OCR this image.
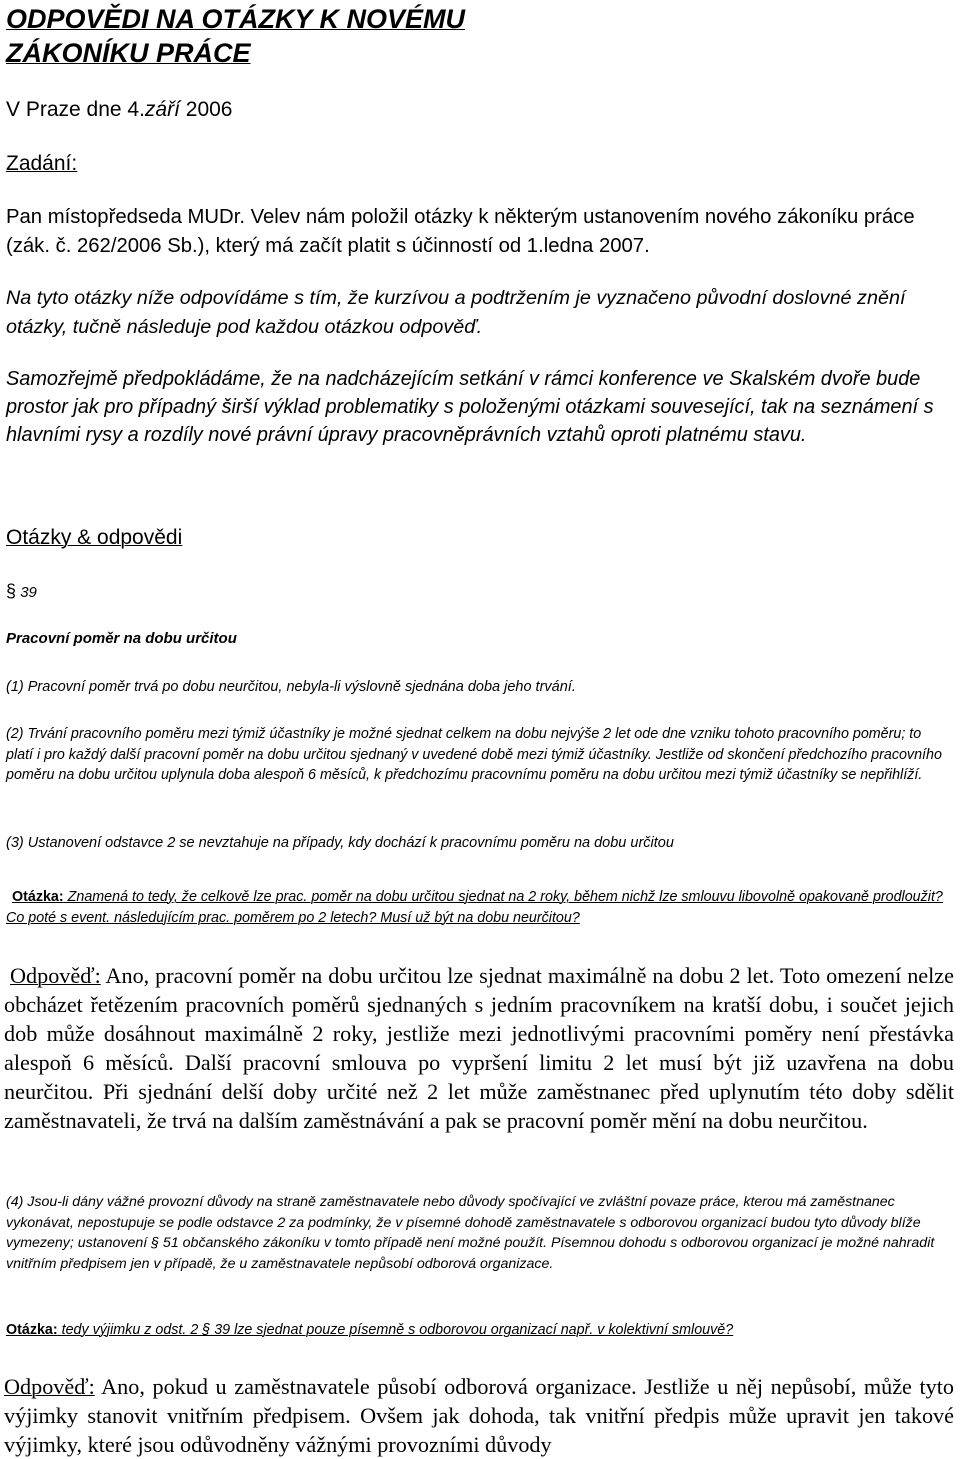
ODPOVĚDI NA OTÁZKY K NOVÉMU ZÁKONÍKU PRÁCE

V Praze dne 4.září 2006

Zadání:

Pan místopředseda MUDr. Velev nám položil otázky k některým ustanovením nového zákoníku práce (zák. č. 262/2006 Sb.), který má začít platit s účinností od 1.ledna 2007.

Na tyto otázky níže odpovídáme s tím, že kurzívou a podtržením je vyznačeno původní doslovné znění otázky, tučně následuje pod každou otázkou odpověď.

Samozřejmě předpokládáme, že na nadcházejícím setkání v rámci konference ve Skalském dvoře bude prostor jak pro případný širší výklad problematiky s položenými otázkami souvesející, tak na seznámení s hlavními rysy a rozdíly nové právní úpravy pracovněprávních vztahů oproti platnému stavu.

Otázky & odpovědi

§ 39

Pracovní poměr na dobu určitou

(1) Pracovní poměr trvá po dobu neurčitou, nebyla-li výslovně sjednána doba jeho trvání.

(2) Trvání pracovního poměru mezi týmiž účastníky je možné sjednat celkem na dobu nejvýše 2 let ode dne vzniku tohoto pracovního poměru; to platí i pro každý další pracovní poměr na dobu určitou sjednaný v uvedené době mezi týmiž účastníky. Jestliže od skončení předchozího pracovního poměru na dobu určitou uplynula doba alespoň 6 měsíců, k předchozímu pracovnímu poměru na dobu určitou mezi týmiž účastníky se nepřihlíží.

(3) Ustanovení odstavce 2 se nevztahuje na případy, kdy dochází k pracovnímu poměru na dobu určitou

Otázka: Znamená to tedy, že celkově lze prac. poměr na dobu určitou sjednat na 2 roky, během nichž lze smlouvu libovolně opakovaně prodloužit? Co poté s event. následujícím prac. poměrem po 2 letech? Musí už být na dobu neurčitou?

Odpověď: Ano, pracovní poměr na dobu určitou lze sjednat maximálně na dobu 2 let. Toto omezení nelze obcházet řetězením pracovních poměrů sjednaných s jedním pracovníkem na kratší dobu, i součet jejich dob může dosáhnout maximálně 2 roky, jestliže mezi jednotlivými pracovními poměry není přestávka alespoň 6 měsíců. Další pracovní smlouva po vypršení limitu 2 let musí být již uzavřena na dobu neurčitou. Při sjednání delší doby určité než 2 let může zaměstnanec před uplynutím této doby sdělit zaměstnavateli, že trvá na dalším zaměstnávání a pak se pracovní poměr mění na dobu neurčitou.

(4) Jsou-li dány vážné provozní důvody na straně zaměstnavatele nebo důvody spočívající ve zvláštní povaze práce, kterou má zaměstnanec vykonávat, nepostupuje se podle odstavce 2 za podmínky, že v písemné dohodě zaměstnavatele s odborovou organizací budou tyto důvody blíže vymezeny; ustanovení § 51 občanského zákoníku v tomto případě není možné použít. Písemnou dohodu s odborovou organizací je možné nahradit vnitřním předpisem jen v případě, že u zaměstnavatele nepůsobí odborová organizace.

Otázka: tedy výjimku z odst. 2 § 39 lze sjednat pouze písemně s odborovou organizací např. v kolektivní smlouvě?

Odpověď: Ano, pokud u zaměstnavatele působí odborová organizace. Jestliže u něj nepůsobí, může tyto výjimky stanovit vnitřním předpisem. Ovšem jak dohoda, tak vnitřní předpis může upravit jen takové výjimky, které jsou odůvodněny vážnými provozními důvody
